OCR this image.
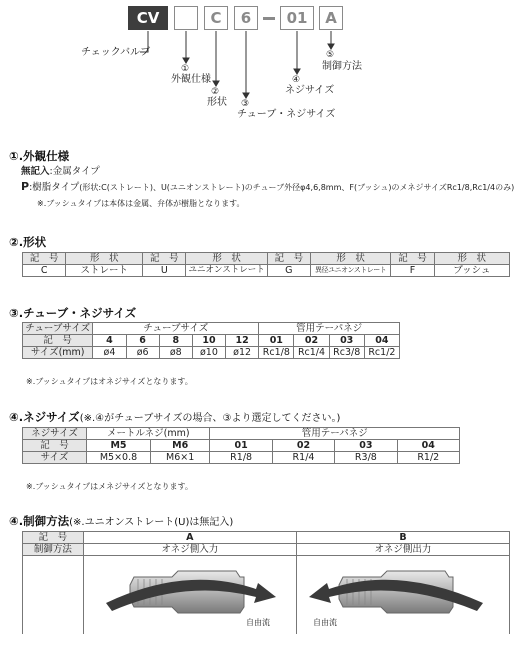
CV	C	6	01	A
チェックバルブ
①
外観仕様
②
形状 ③
チューブ・ネジサイズ
④
ネジサイズ
⑤
制御方法
①.外観仕様
無記入:金属タイプ
P:樹脂タイプ(形状:C(ストレート)、U(ユニオンストレート)のチューブ外径φ4,6,8mm、F(ブッシュ)のメネジサイズRc1/8,Rc1/4のみ)
※.ブッシュタイプは本体は金属、弁体が樹脂となります。
②.形状
記　号	形　状	記　号	形　状	記　号	形　状	記　号	形　状
C	ストレート	U	ユニオンストレート	G	異径ユニオンストレート	F	ブッシュ
③.チューブ・ネジサイズ
チューブサイズ	チューブサイズ					管用テーパネジ			
記　号	4	6	8	10	12	01	02	03	04
サイズ(mm)	ø4	ø6	ø8	ø10	ø12	Rc1/8	Rc1/4	Rc3/8	Rc1/2
※.ブッシュタイプはオネジサイズとなります。
④.ネジサイズ(※.④がチューブサイズの場合、③より選定してください。)
ネジサイズ	メートルネジ(mm)		管用テーパネジ			
記　号	M5	M6	01	02	03	04
サイズ	M5×0.8	M6×1	R1/8	R1/4	R3/8	R1/2
※.ブッシュタイプはメネジサイズとなります。
④.制御方法(※.ユニオンストレート(U)は無記入)
記　号	A	B
制御方法	オネジ側入力	オネジ側出力

自由流	自由流
